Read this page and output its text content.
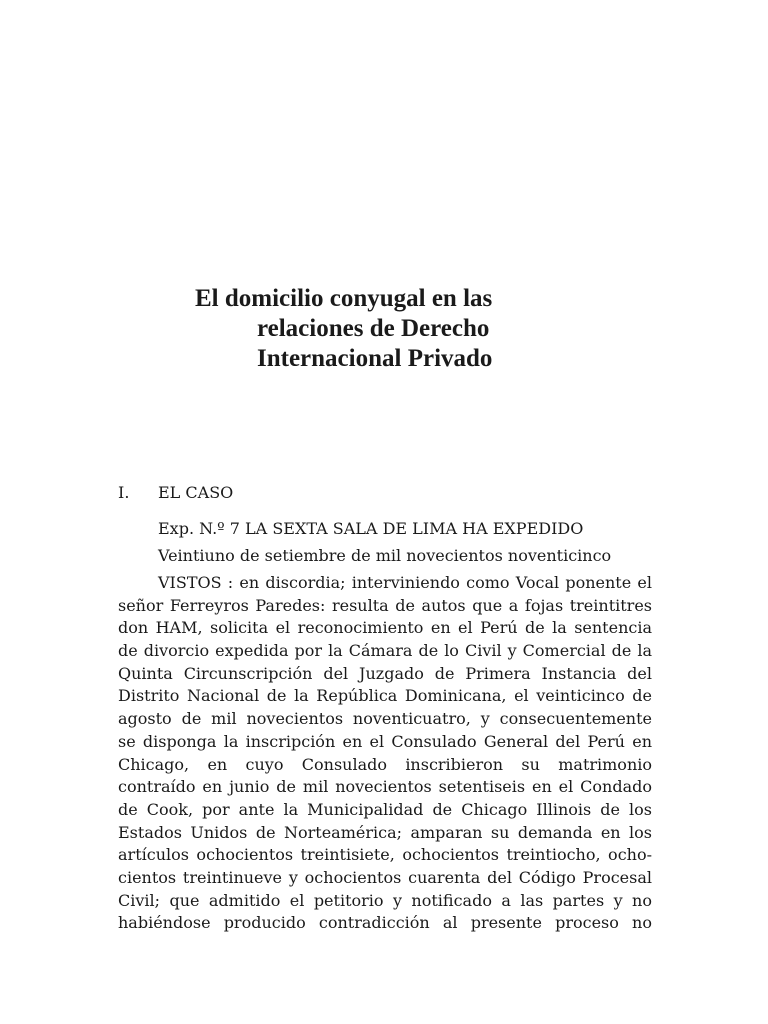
El domicilio conyugal en las
relaciones de Derecho
Internacional Privado
I. EL CASO
Exp. N.º 7 LA SEXTA SALA DE LIMA HA EXPEDIDO
Veintiuno de setiembre de mil novecientos noventicinco
VISTOS : en discordia; interviniendo como Vocal ponente el
señor Ferreyros Paredes: resulta de autos que a fojas treintitres
don HAM, solicita el reconocimiento en el Perú de la sentencia
de divorcio expedida por la Cámara de lo Civil y Comercial de la
Quinta Circunscripción del Juzgado de Primera Instancia del
Distrito Nacional de la República Dominicana, el veinticinco de
agosto de mil novecientos noventicuatro, y consecuentemente
se disponga la inscripción en el Consulado General del Perú en
Chicago, en cuyo Consulado inscribieron su matrimonio
contraído en junio de mil novecientos setentiseis en el Condado
de Cook, por ante la Municipalidad de Chicago Illinois de los
Estados Unidos de Norteamérica; amparan su demanda en los
artículos ochocientos treintisiete, ochocientos treintiocho, ocho-
cientos treintinueve y ochocientos cuarenta del Código Procesal
Civil; que admitido el petitorio y notificado a las partes y no
habiéndose producido contradicción al presente proceso no
